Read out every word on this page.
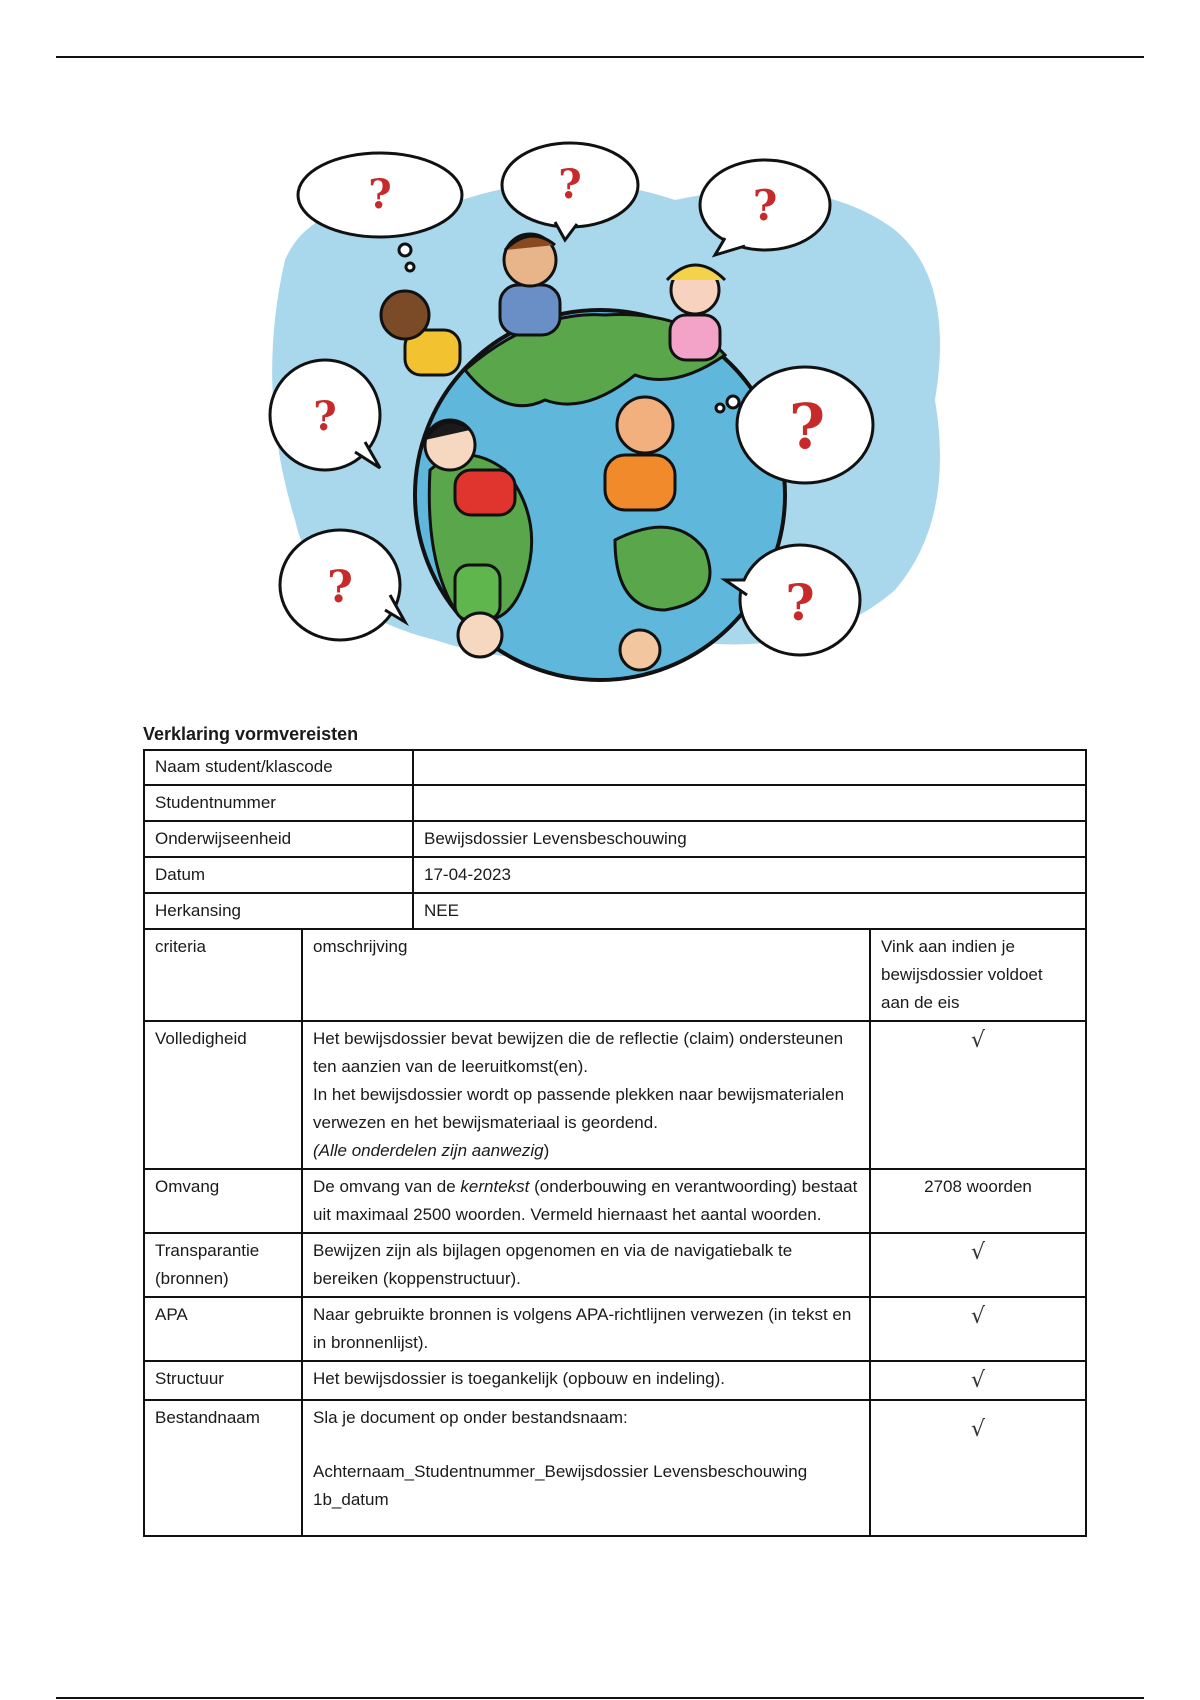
?	?	?
?	?
?	?
Verklaring vormvereisten
Naam student/klascode	
Studentnummer	
Onderwijseenheid	Bewijsdossier Levensbeschouwing
Datum	17-04-2023
Herkansing	NEE
criteria	omschrijving	Vink aan indien je bewijsdossier voldoet aan de eis
Volledigheid	Het bewijsdossier bevat bewijzen die de reflectie (claim) ondersteunen ten aanzien van de leeruitkomst(en).

In het bewijsdossier wordt op passende plekken naar bewijsmaterialen verwezen en het bewijsmateriaal is geordend.

(Alle onderdelen zijn aanwezig)	√
Omvang	De omvang van de kerntekst (onderbouwing en verantwoording) bestaat uit maximaal 2500 woorden. Vermeld hiernaast het aantal woorden.	2708 woorden
Transparantie (bronnen)	Bewijzen zijn als bijlagen opgenomen en via de navigatiebalk te bereiken (koppenstructuur).	√
APA	Naar gebruikte bronnen is volgens APA-richtlijnen verwezen (in tekst en in bronnenlijst).	√
Structuur	Het bewijsdossier is toegankelijk (opbouw en indeling).	√
Bestandnaam	Sla je document op onder bestandsnaam:

Achternaam_Studentnummer_Bewijsdossier Levensbeschouwing 1b_datum	√
